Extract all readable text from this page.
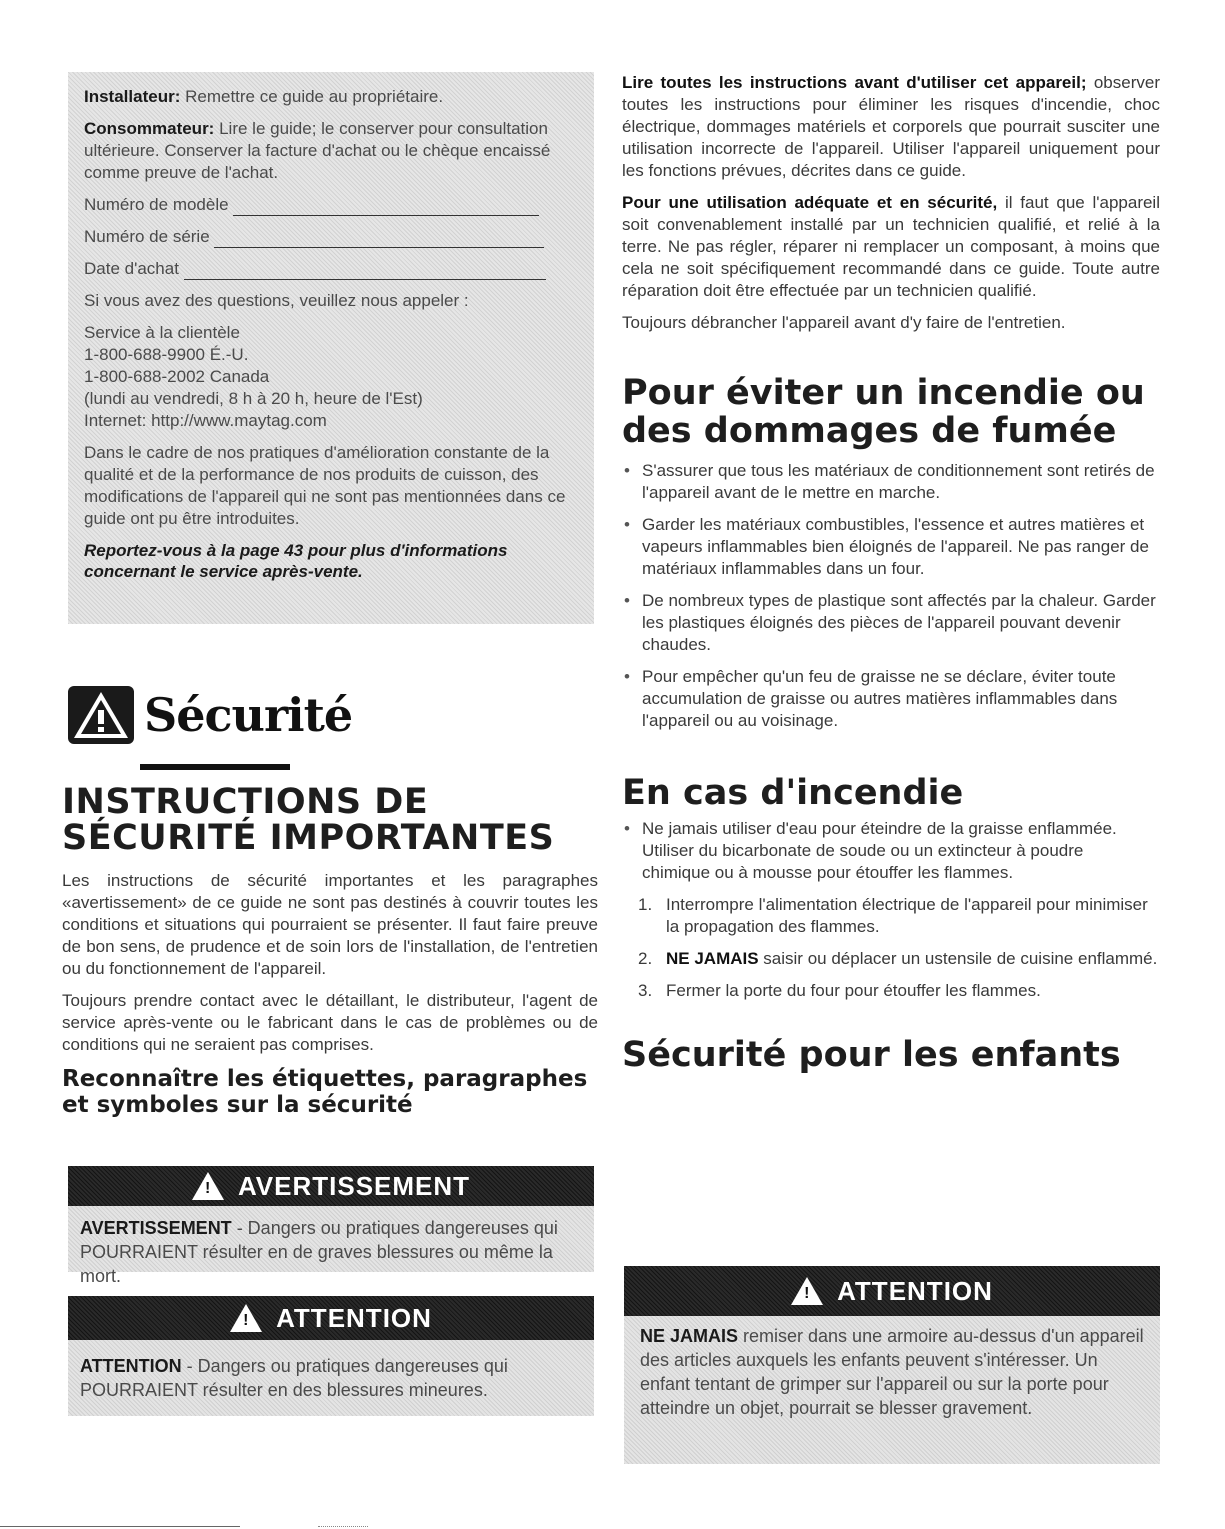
Installateur: Remettre ce guide au propriétaire.

Consommateur: Lire le guide; le conserver pour consultation ultérieure. Conserver la facture d'achat ou le chèque encaissé comme preuve de l'achat.

Numéro de modèle

Numéro de série

Date d'achat

Si vous avez des questions, veuillez nous appeler :

Service à la clientèle
1-800-688-9900 É.-U.
1-800-688-2002 Canada
(lundi au vendredi, 8 h à 20 h, heure de l'Est)
Internet: http://www.maytag.com

Dans le cadre de nos pratiques d'amélioration constante de la qualité et de la performance de nos produits de cuisson, des modifications de l'appareil qui ne sont pas mentionnées dans ce guide ont pu être introduites.

Reportez-vous à la page 43 pour plus d'informations concernant le service après-vente.

Sécurité
INSTRUCTIONS DE SÉCURITÉ IMPORTANTES

Les instructions de sécurité importantes et les paragraphes «avertissement» de ce guide ne sont pas destinés à couvrir toutes les conditions et situations qui pourraient se présenter. Il faut faire preuve de bon sens, de prudence et de soin lors de l'installation, de l'entretien ou du fonctionnement de l'appareil.

Toujours prendre contact avec le détaillant, le distributeur, l'agent de service après-vente ou le fabricant dans le cas de problèmes ou de conditions qui ne seraient pas comprises.

Reconnaître les étiquettes, paragraphes et symboles sur la sécurité
! AVERTISSEMENT
AVERTISSEMENT - Dangers ou pratiques dangereuses qui POURRAIENT résulter en de graves blessures ou même la mort.
! ATTENTION
ATTENTION - Dangers ou pratiques dangereuses qui POURRAIENT résulter en des blessures mineures.

Lire toutes les instructions avant d'utiliser cet appareil; observer toutes les instructions pour éliminer les risques d'incendie, choc électrique, dommages matériels et corporels que pourrait susciter une utilisation incorrecte de l'appareil. Utiliser l'appareil uniquement pour les fonctions prévues, décrites dans ce guide.

Pour une utilisation adéquate et en sécurité, il faut que l'appareil soit convenablement installé par un technicien qualifié, et relié à la terre. Ne pas régler, réparer ni remplacer un composant, à moins que cela ne soit spécifiquement recommandé dans ce guide. Toute autre réparation doit être effectuée par un technicien qualifié.

Toujours débrancher l'appareil avant d'y faire de l'entretien.

Pour éviter un incendie ou des dommages de fumée
• S'assurer que tous les matériaux de conditionnement sont retirés de l'appareil avant de le mettre en marche.
• Garder les matériaux combustibles, l'essence et autres matières et vapeurs inflammables bien éloignés de l'appareil. Ne pas ranger de matériaux inflammables dans un four.
• De nombreux types de plastique sont affectés par la chaleur. Garder les plastiques éloignés des pièces de l'appareil pouvant devenir chaudes.
• Pour empêcher qu'un feu de graisse ne se déclare, éviter toute accumulation de graisse ou autres matières inflammables dans l'appareil ou au voisinage.
En cas d'incendie
• Ne jamais utiliser d'eau pour éteindre de la graisse enflammée. Utiliser du bicarbonate de soude ou un extincteur à poudre chimique ou à mousse pour étouffer les flammes.
1. Interrompre l'alimentation électrique de l'appareil pour minimiser la propagation des flammes.
2. NE JAMAIS saisir ou déplacer un ustensile de cuisine enflammé.
3. Fermer la porte du four pour étouffer les flammes.
Sécurité pour les enfants
! ATTENTION
NE JAMAIS remiser dans une armoire au-dessus d'un appareil des articles auxquels les enfants peuvent s'intéresser. Un enfant tentant de grimper sur l'appareil ou sur la porte pour atteindre un objet, pourrait se blesser gravement.
